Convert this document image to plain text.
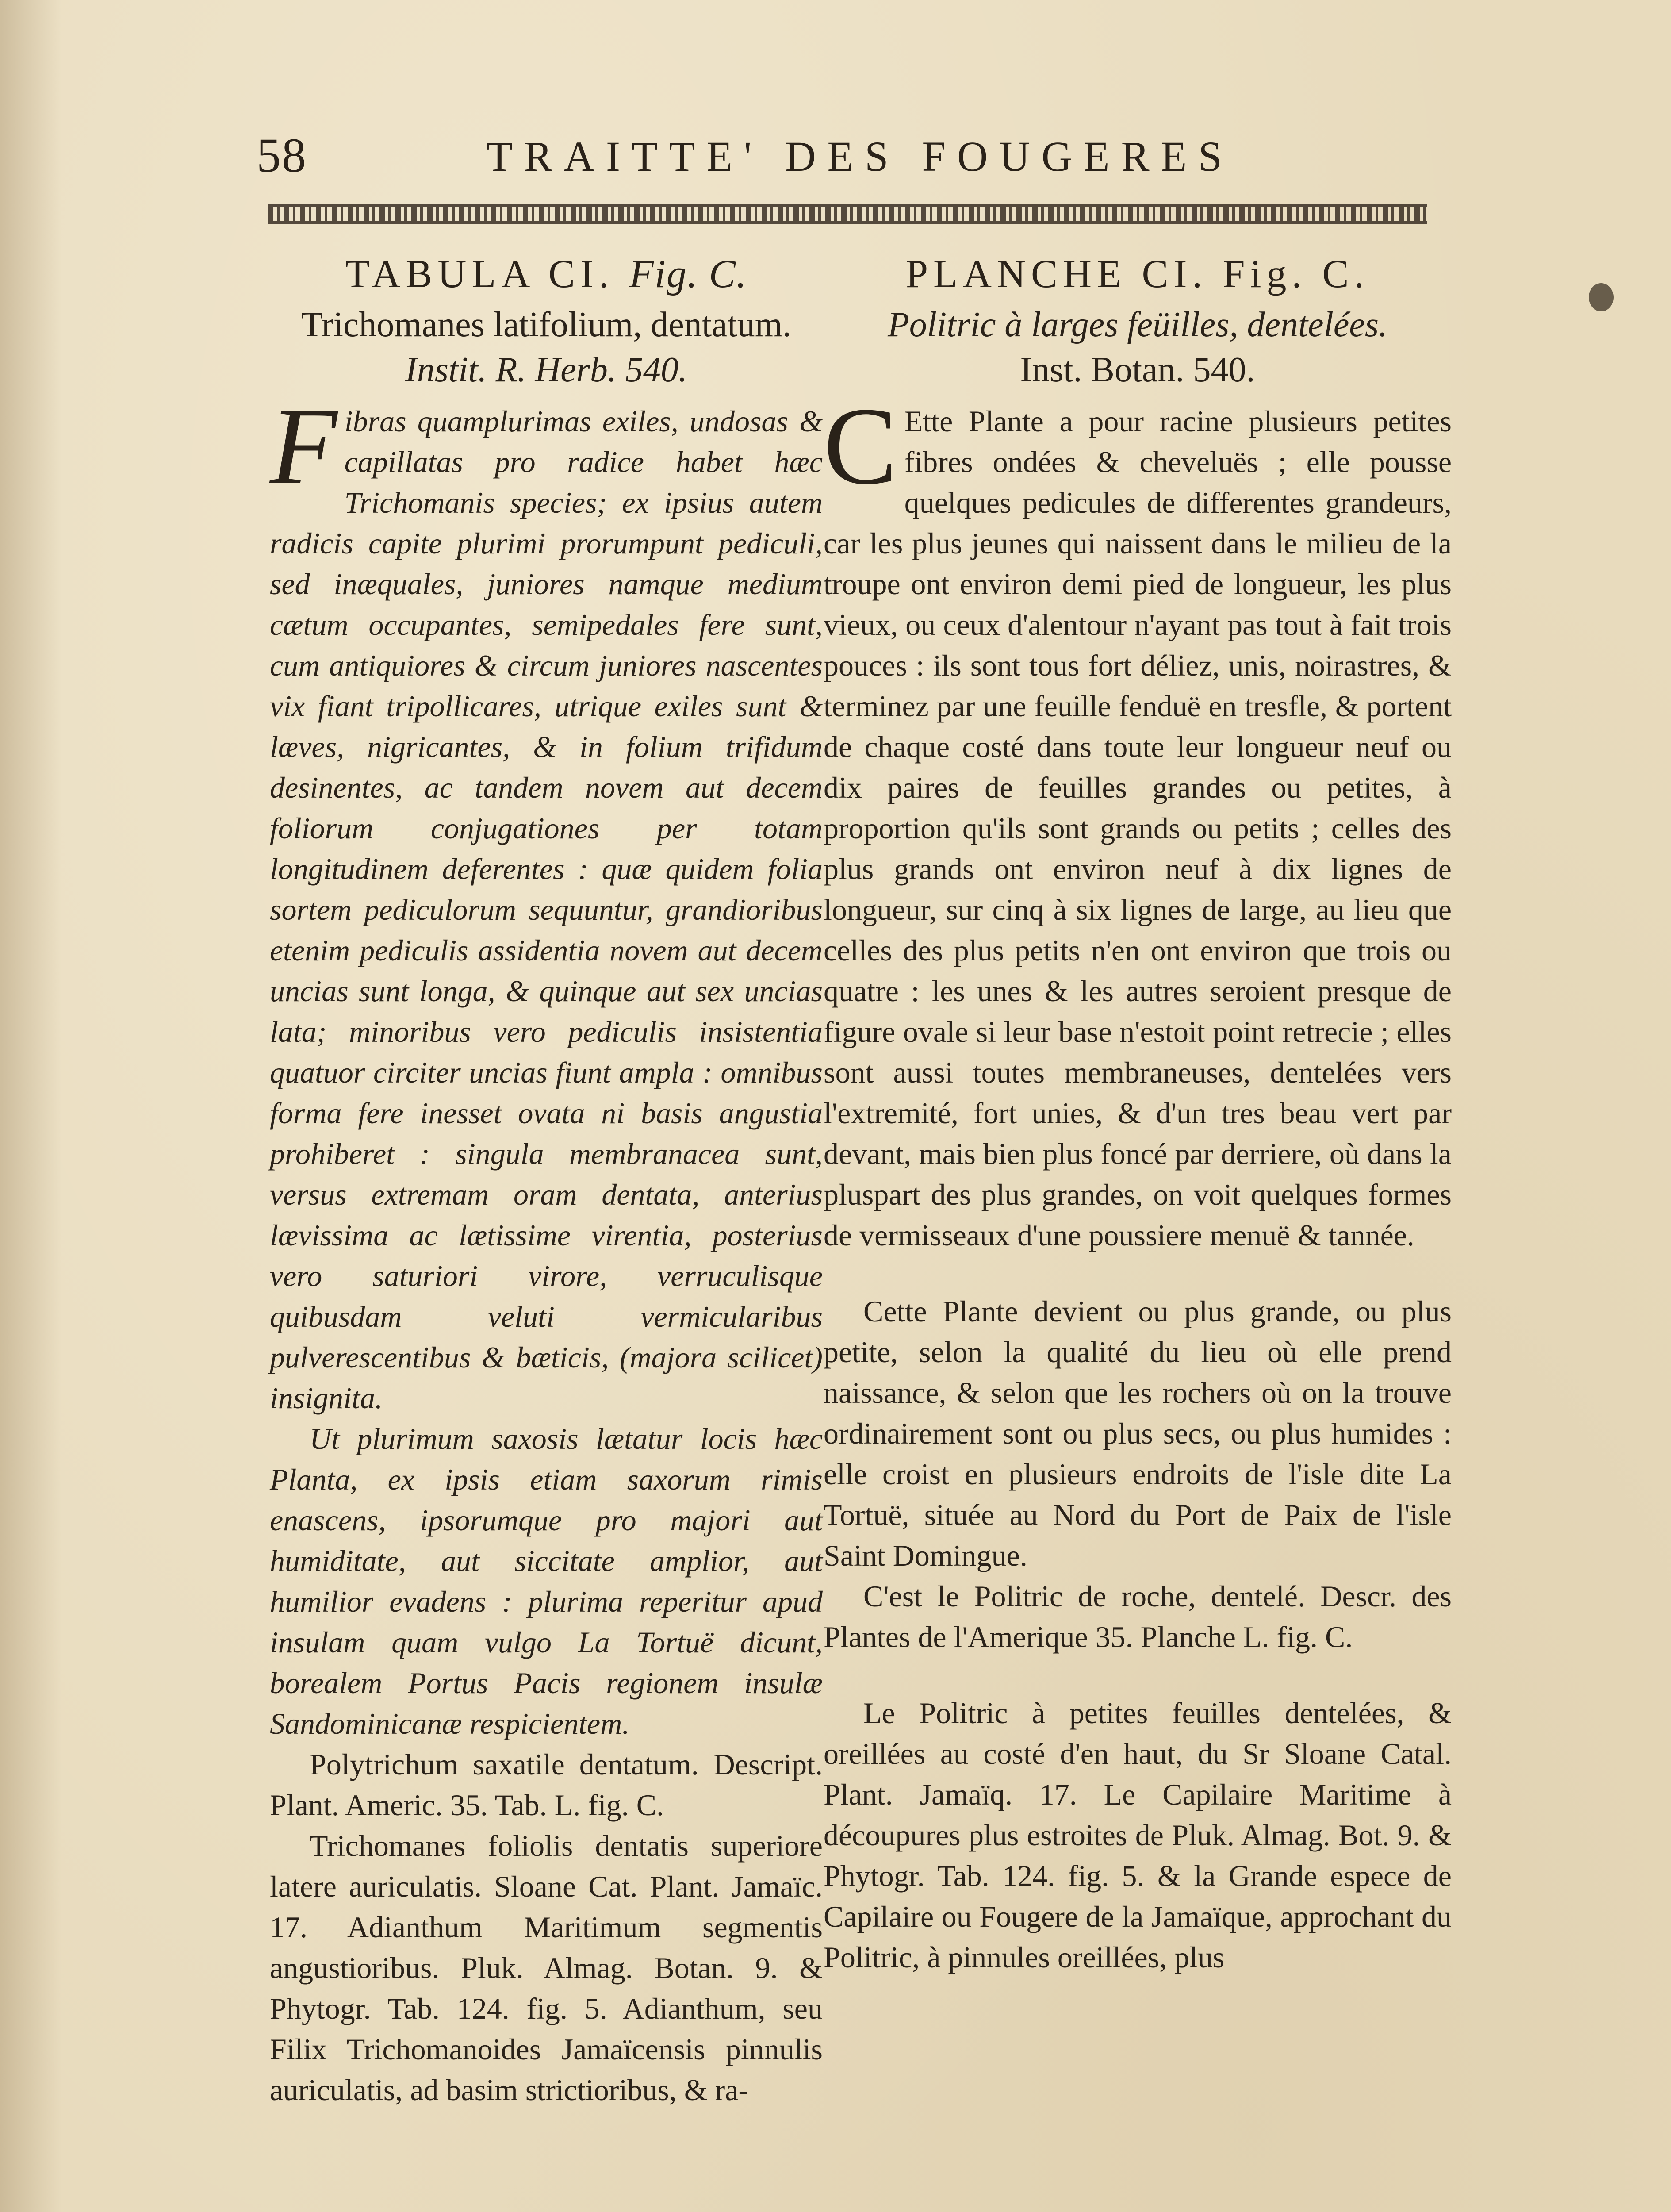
58	TRAITTE' DES FOUGERES
TABULA CI. Fig. C.

Trichomanes latifolium, dentatum.

Instit. R. Herb. 540.

Fibras quamplurimas exiles, undosas & capillatas pro radice habet hæc Trichomanis species; ex ipsius autem radicis capite plurimi prorumpunt pediculi, sed inæquales, juniores namque medium cætum occupantes, semipedales fere sunt, cum antiquiores & circum juniores nascentes vix fiant tripollicares, utrique exiles sunt & læves, nigricantes, & in folium trifidum desinentes, ac tandem novem aut decem foliorum conjugationes per totam longitudinem deferentes : quæ quidem folia sortem pediculorum sequuntur, grandioribus etenim pediculis assidentia novem aut decem uncias sunt longa, & quinque aut sex uncias lata; minoribus vero pediculis insistentia quatuor circiter uncias fiunt ampla : omnibus forma fere inesset ovata ni basis angustia prohiberet : singula membranacea sunt, versus extremam oram dentata, anterius lævissima ac lætissime virentia, posterius vero saturiori virore, verruculisque quibusdam veluti vermicularibus pulverescentibus & bæticis, (majora scilicet) insignita.

Ut plurimum saxosis lætatur locis hæc Planta, ex ipsis etiam saxorum rimis enascens, ipsorumque pro majori aut humiditate, aut siccitate amplior, aut humilior evadens : plurima reperitur apud insulam quam vulgo La Tortuë dicunt, borealem Portus Pacis regionem insulæ Sandominicanæ respicientem.

Polytrichum saxatile dentatum. Descript. Plant. Americ. 35. Tab. L. fig. C.

Trichomanes foliolis dentatis superiore latere auriculatis. Sloane Cat. Plant. Jamaïc. 17. Adianthum Maritimum segmentis angustioribus. Pluk. Almag. Botan. 9. & Phytogr. Tab. 124. fig. 5. Adianthum, seu Filix Trichomanoides Jamaïcensis pinnulis auriculatis, ad basim strictioribus, & ra-

PLANCHE CI. Fig. C.

Politric à larges feüilles, dentelées.

Inst. Botan. 540.

C Ette Plante a pour racine plusieurs petites fibres ondées & cheveluës ; elle pousse quelques pedicules de differentes grandeurs, car les plus jeunes qui naissent dans le milieu de la troupe ont environ demi pied de longueur, les plus vieux, ou ceux d'alentour n'ayant pas tout à fait trois pouces : ils sont tous fort déliez, unis, noirastres, & terminez par une feuille fenduë en tresfle, & portent de chaque costé dans toute leur longueur neuf ou dix paires de feuilles grandes ou petites, à proportion qu'ils sont grands ou petits ; celles des plus grands ont environ neuf à dix lignes de longueur, sur cinq à six lignes de large, au lieu que celles des plus petits n'en ont environ que trois ou quatre : les unes & les autres seroient presque de figure ovale si leur base n'estoit point retrecie ; elles sont aussi toutes membraneuses, dentelées vers l'extremité, fort unies, & d'un tres beau vert par devant, mais bien plus foncé par derriere, où dans la pluspart des plus grandes, on voit quelques formes de vermisseaux d'une poussiere menuë & tannée.

Cette Plante devient ou plus grande, ou plus petite, selon la qualité du lieu où elle prend naissance, & selon que les rochers où on la trouve ordinairement sont ou plus secs, ou plus humides : elle croist en plusieurs endroits de l'isle dite La Tortuë, située au Nord du Port de Paix de l'isle Saint Domingue.

C'est le Politric de roche, dentelé. Descr. des Plantes de l'Amerique 35. Planche L. fig. C.

Le Politric à petites feuilles dentelées, & oreillées au costé d'en haut, du Sr Sloane Catal. Plant. Jamaïq. 17. Le Capilaire Maritime à découpures plus estroites de Pluk. Almag. Bot. 9. & Phytogr. Tab. 124. fig. 5. & la Grande espece de Capilaire ou Fougere de la Jamaïque, approchant du Politric, à pinnules oreillées, plus
